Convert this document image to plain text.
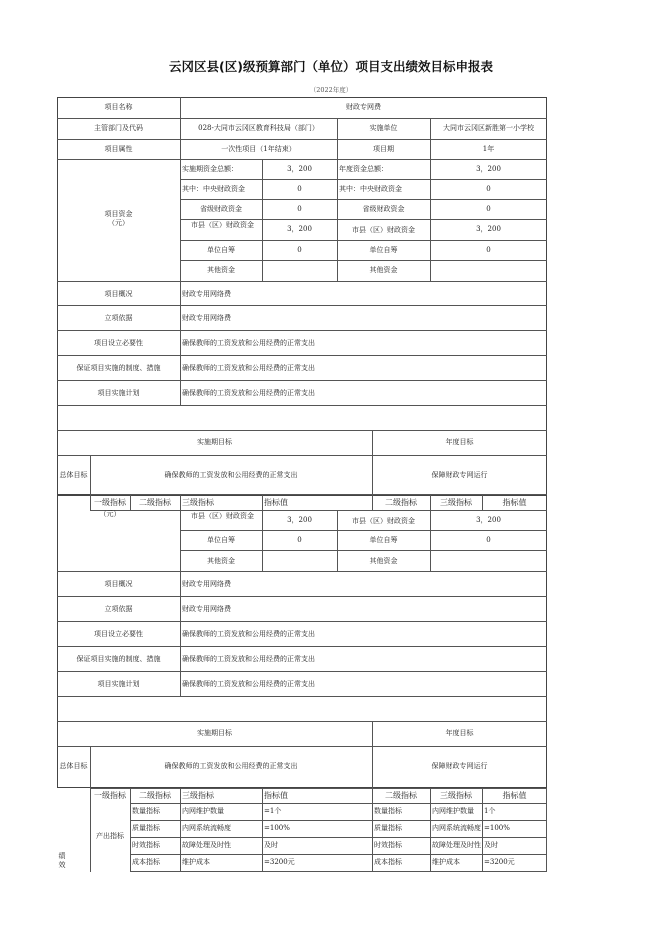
云冈区县(区)级预算部门（单位）项目支出绩效目标申报表
（2022年度）
项目名称	财政专网费
主管部门及代码	028-大同市云冈区教育科技局（部门）	实施单位	大同市云冈区新胜第一小学校
项目属性	一次性项目（1年结束）	项目期	1年
项目资金
（元）
实施期资金总额：	3，200	年度资金总额：	3，200
其中：中央财政资金	0	其中：中央财政资金	0
省级财政资金	0	省级财政资金	0
市县（区）财政资金	3，200	市县（区）财政资金	3，200
单位自筹	0	单位自筹	0
其他资金	其他资金
项目概况	财政专用网络费
立项依据	财政专用网络费
项目设立必要性	确保教师的工资发放和公用经费的正常支出
保证项目实施的制度、措施	确保教师的工资发放和公用经费的正常支出
项目实施计划	确保教师的工资发放和公用经费的正常支出
实施期目标	年度目标
总体目标	确保教师的工资发放和公用经费的正常支出	保障财政专网运行
一级指标	二级指标	三级指标	指标值	二级指标	三级指标	指标值
（元）	市县（区）财政资金	3，200	市县（区）财政资金	3，200
单位自筹	0	单位自筹	0
其他资金	其他资金
项目概况	财政专用网络费
立项依据	财政专用网络费
项目设立必要性	确保教师的工资发放和公用经费的正常支出
保证项目实施的制度、措施	确保教师的工资发放和公用经费的正常支出
项目实施计划	确保教师的工资发放和公用经费的正常支出
实施期目标	年度目标
总体目标	确保教师的工资发放和公用经费的正常支出	保障财政专网运行
一级指标	二级指标	三级指标	指标值	二级指标	三级指标	指标值
产出指标
绩效
数量指标	内网维护数量	=1个	数量指标	内网维护数量	1个
质量指标	内网系统流畅度	=100%	质量指标	内网系统流畅度 =100%
时效指标	故障处理及时性	及时	时效指标	故障处理及时性 及时
成本指标	维护成本	=3200元	成本指标	维护成本	=3200元
